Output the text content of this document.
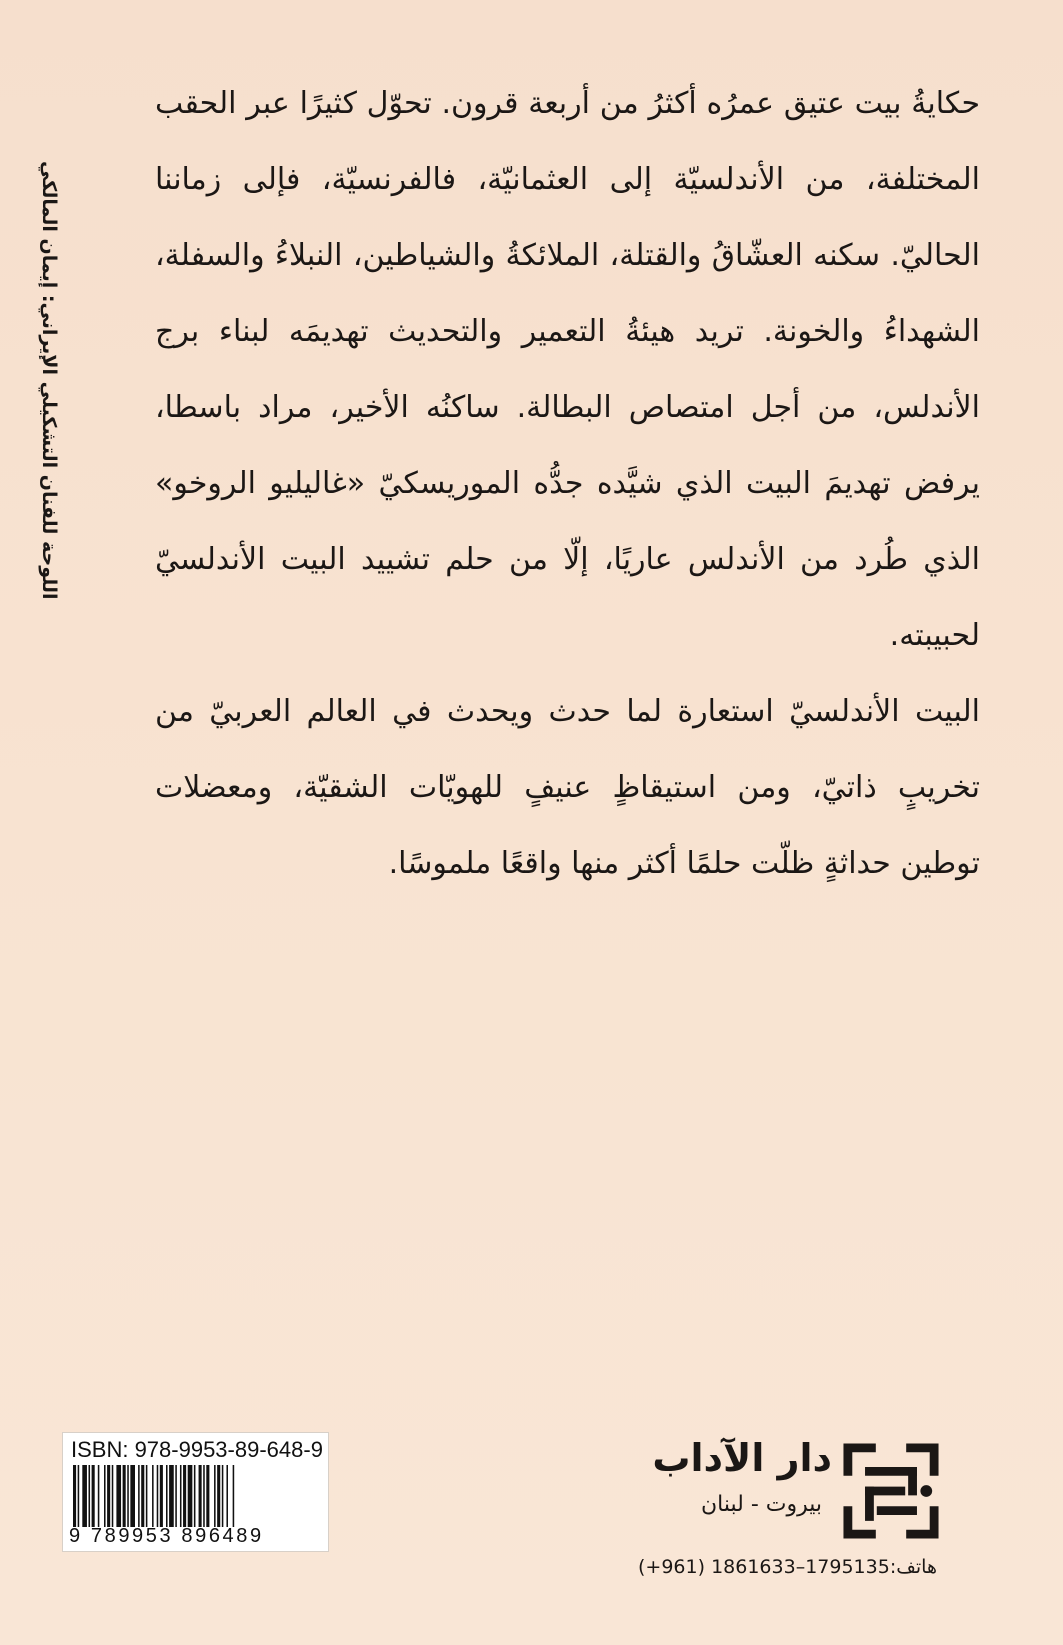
اللوحة للفنان التشكيلي الإيراني: إيمان المالكي

حكايةُ بيت عتيق عمرُه أكثرُ من أربعة قرون. تحوّل كثيرًا عبر الحقب المختلفة، من الأندلسيّة إلى العثمانيّة، فالفرنسيّة، فإلى زماننا الحاليّ. سكنه العشّاقُ والقتلة، الملائكةُ والشياطين، النبلاءُ والسفلة، الشهداءُ والخونة. تريد هيئةُ التعمير والتحديث تهديمَه لبناء برج الأندلس، من أجل امتصاص البطالة. ساكنُه الأخير، مراد باسطا، يرفض تهديمَ البيت الذي شيَّده جدُّه الموريسكيّ «غاليليو الروخو» الذي طُرد من الأندلس عاريًا، إلّا من حلم تشييد البيت الأندلسيّ لحبيبته.

البيت الأندلسيّ استعارة لما حدث ويحدث في العالم العربيّ من تخريبٍ ذاتيّ، ومن استيقاظٍ عنيفٍ للهويّات الشقيّة، ومعضلات توطين حداثةٍ ظلّت حلمًا أكثر منها واقعًا ملموسًا.

ISBN: 978-9953-89-648-9
9 789953 896489
دار الآداب
بيروت - لبنان
هاتف:1795135–1861633 (961+)
